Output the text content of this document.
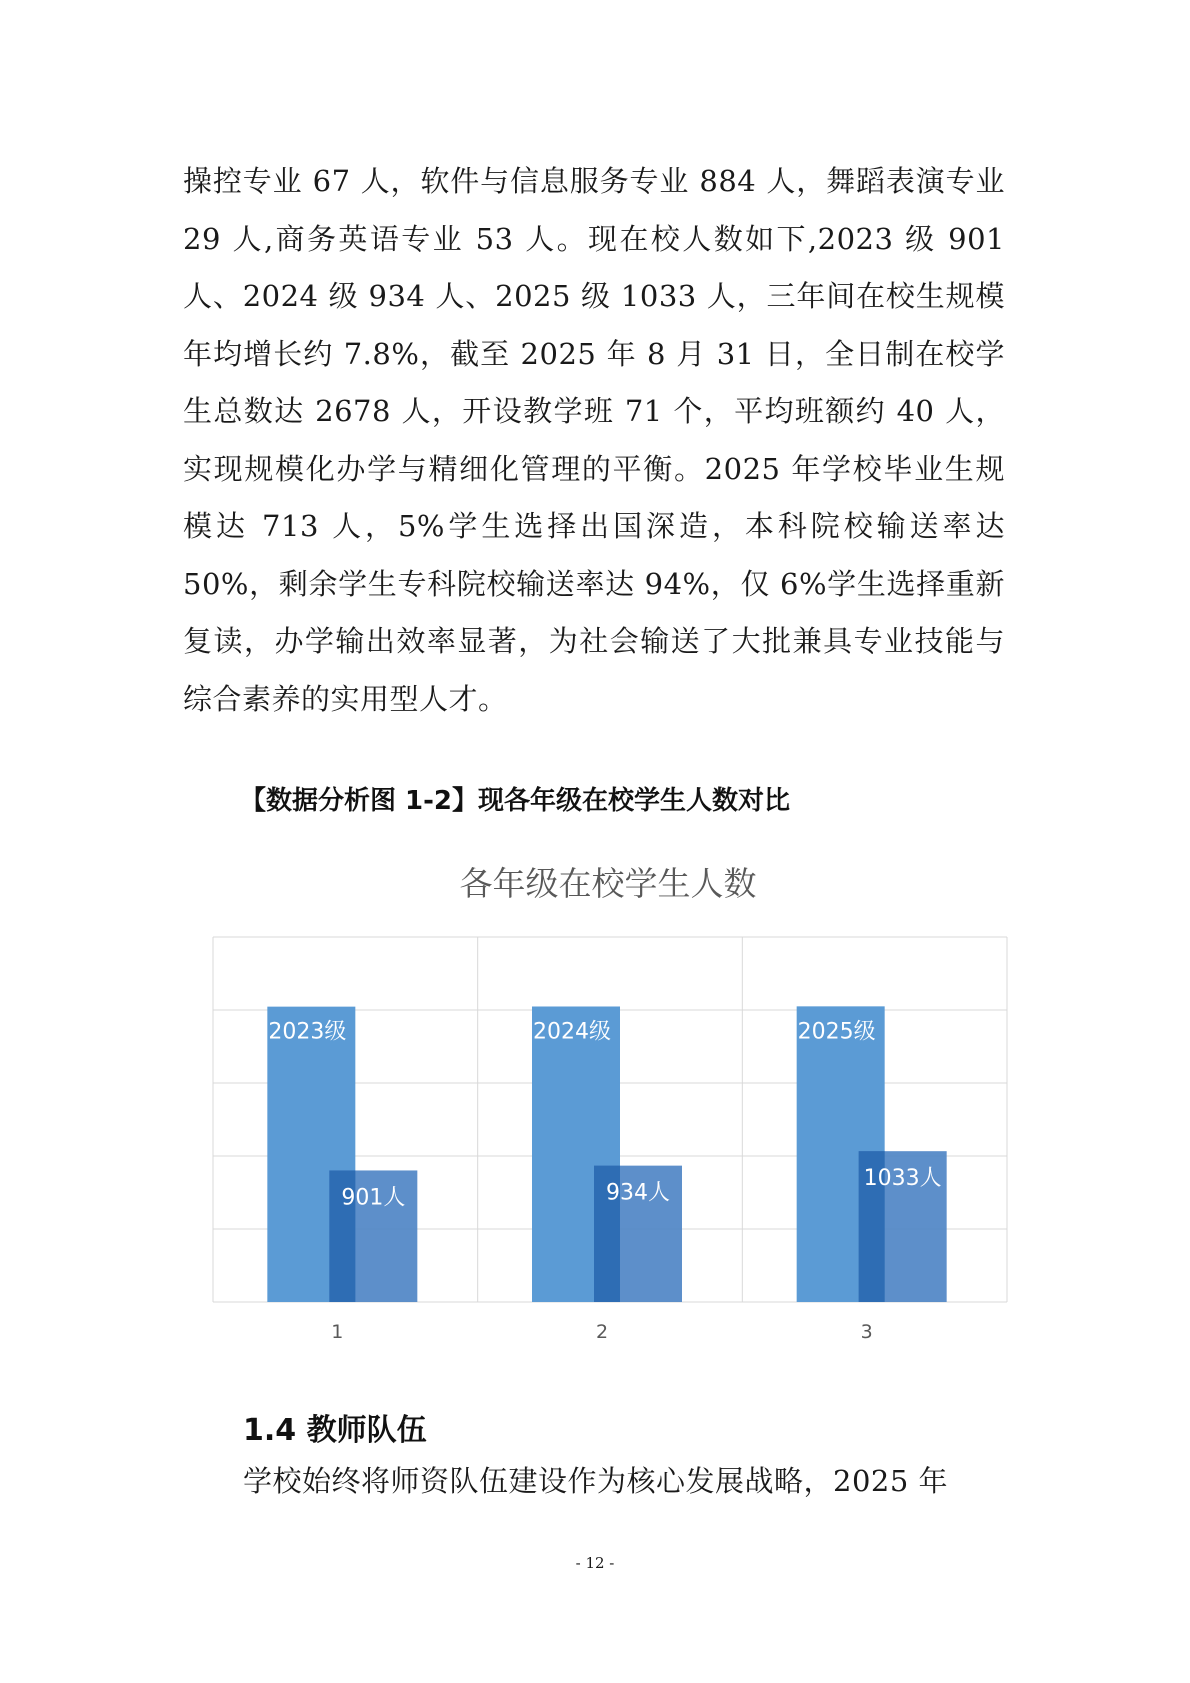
操控专业 67 人，软件与信息服务专业 884 人，舞蹈表演专业 29 人,商务英语专业 53 人。现在校人数如下,2023 级 901 人、2024 级 934 人、2025 级 1033 人，三年间在校生规模年均增长约 7.8%，截至 2025 年 8 月 31 日，全日制在校学生总数达 2678 人，开设教学班 71 个，平均班额约 40 人，实现规模化办学与精细化管理的平衡。2025 年学校毕业生规模达 713 人，5%学生选择出国深造，本科院校输送率达 50%，剩余学生专科院校输送率达 94%，仅 6%学生选择重新复读，办学输出效率显著，为社会输送了大批兼具专业技能与综合素养的实用型人才。

【数据分析图 1-2】现各年级在校学生人数对比

各年级在校学生人数
2023级
901人
2024级
934人
2025级
1033人
1	2	3

1.4 教师队伍

学校始终将师资队伍建设作为核心发展战略，2025 年

- 12 -
